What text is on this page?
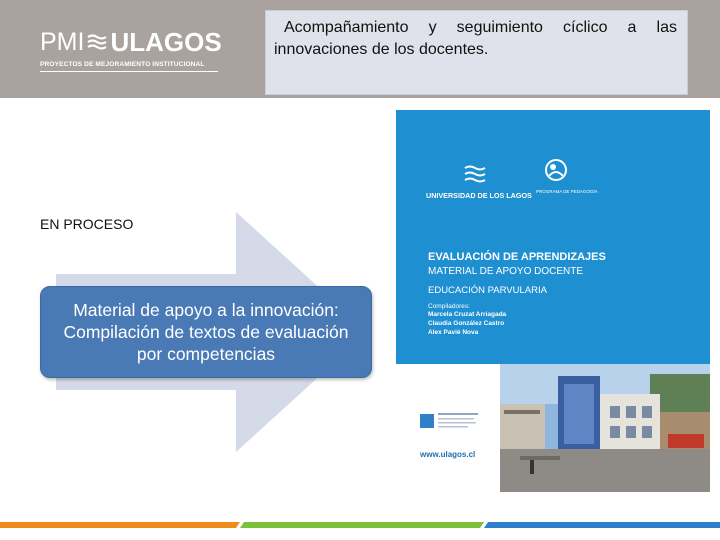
PMI ULAGOS
PROYECTOS DE MEJORAMIENTO INSTITUCIONAL

Acompañamiento y seguimiento cíclico a las innovaciones de los docentes.

EN PROCESO
Material de apoyo a la innovación: Compilación de textos de evaluación por competencias
UNIVERSIDAD DE LOS LAGOS PROGRAMA DE PEDAGOGÍA
EVALUACIÓN DE APRENDIZAJES
MATERIAL DE APOYO DOCENTE
EDUCACIÓN PARVULARIA
Compiladores:
Marcela Cruzat Arriagada
Claudia González Castro
Alex Pavié Nova
www.ulagos.cl
